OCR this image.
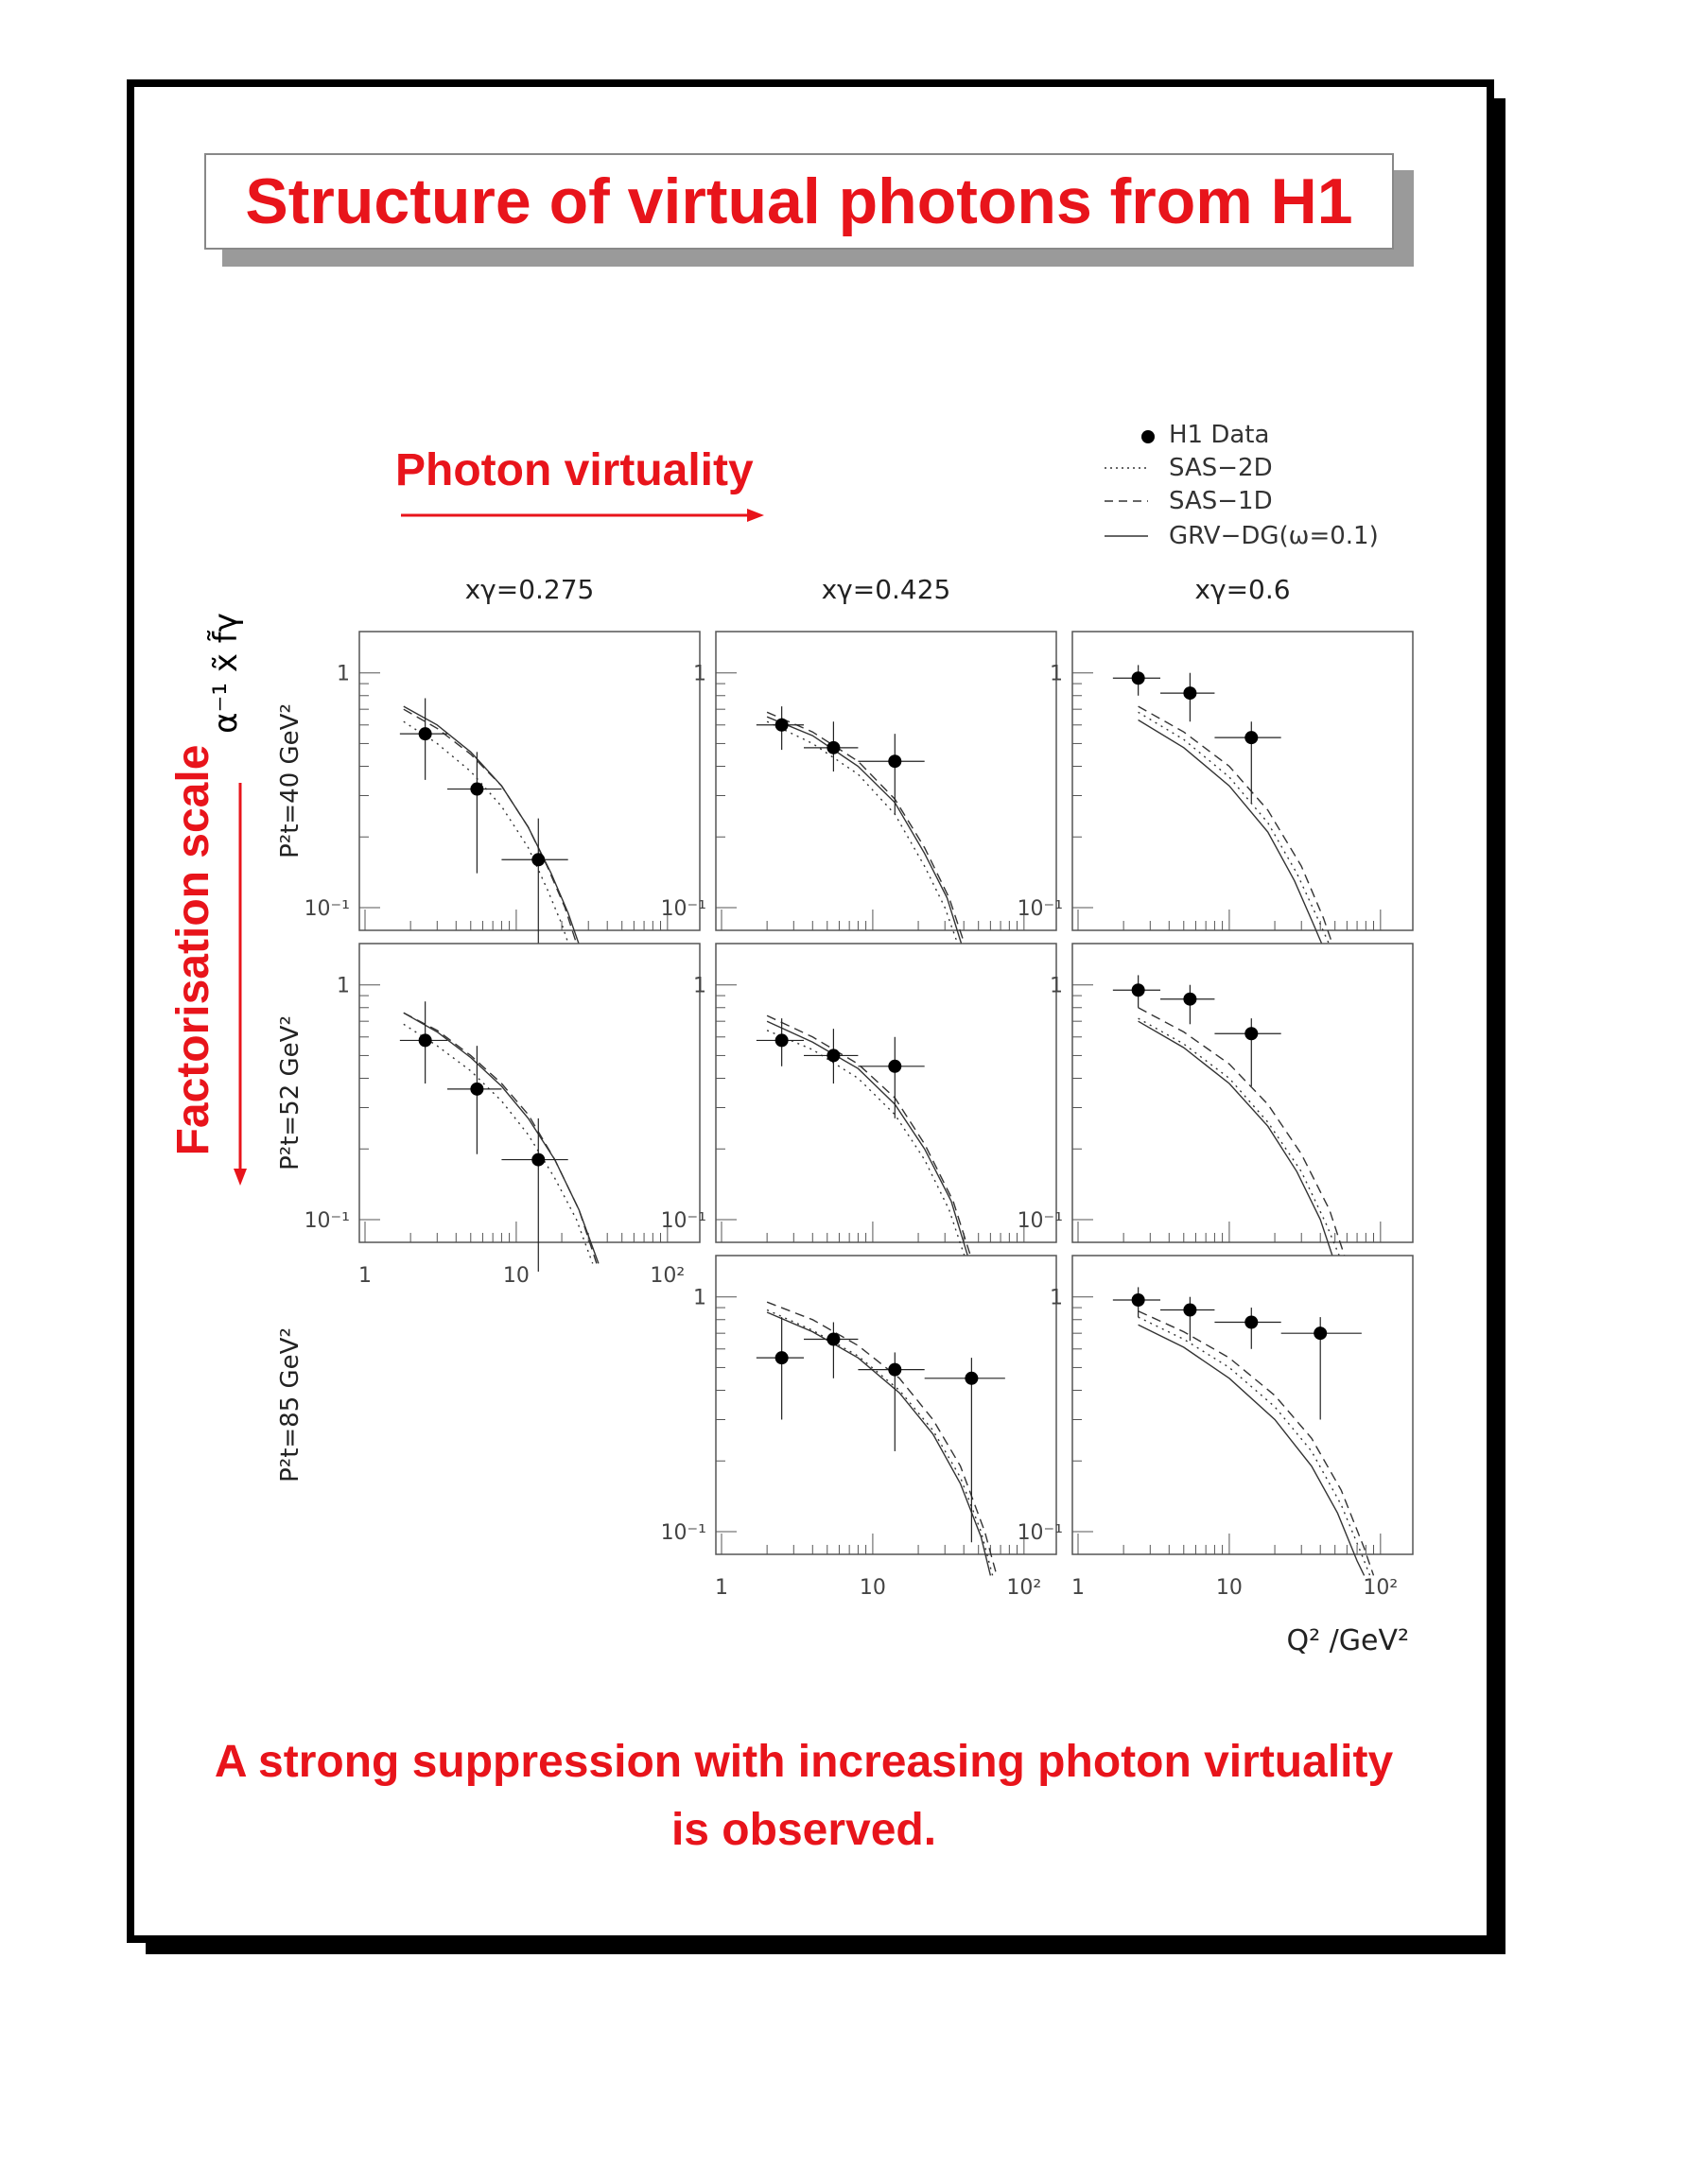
Structure of virtual photons from H1
Photon virtuality
Factorisation scale
H1 Data
SAS−2D
SAS−1D
GRV−DG(ω=0.1)
xγ=0.275	xγ=0.425	xγ=0.6
P²t=40 GeV²
P²t=52 GeV²
P²t=85 GeV²
α⁻¹ x̃ f̃γ
Q² /GeV²
1
10⁻¹
1
10⁻¹
1
10⁻¹
1
10⁻¹
1	10	10²
1
10⁻¹
1
10⁻¹
1
10⁻¹
1	10	10²
1
10⁻¹
1	10	10²
A strong suppression with increasing photon virtuality
is observed.
